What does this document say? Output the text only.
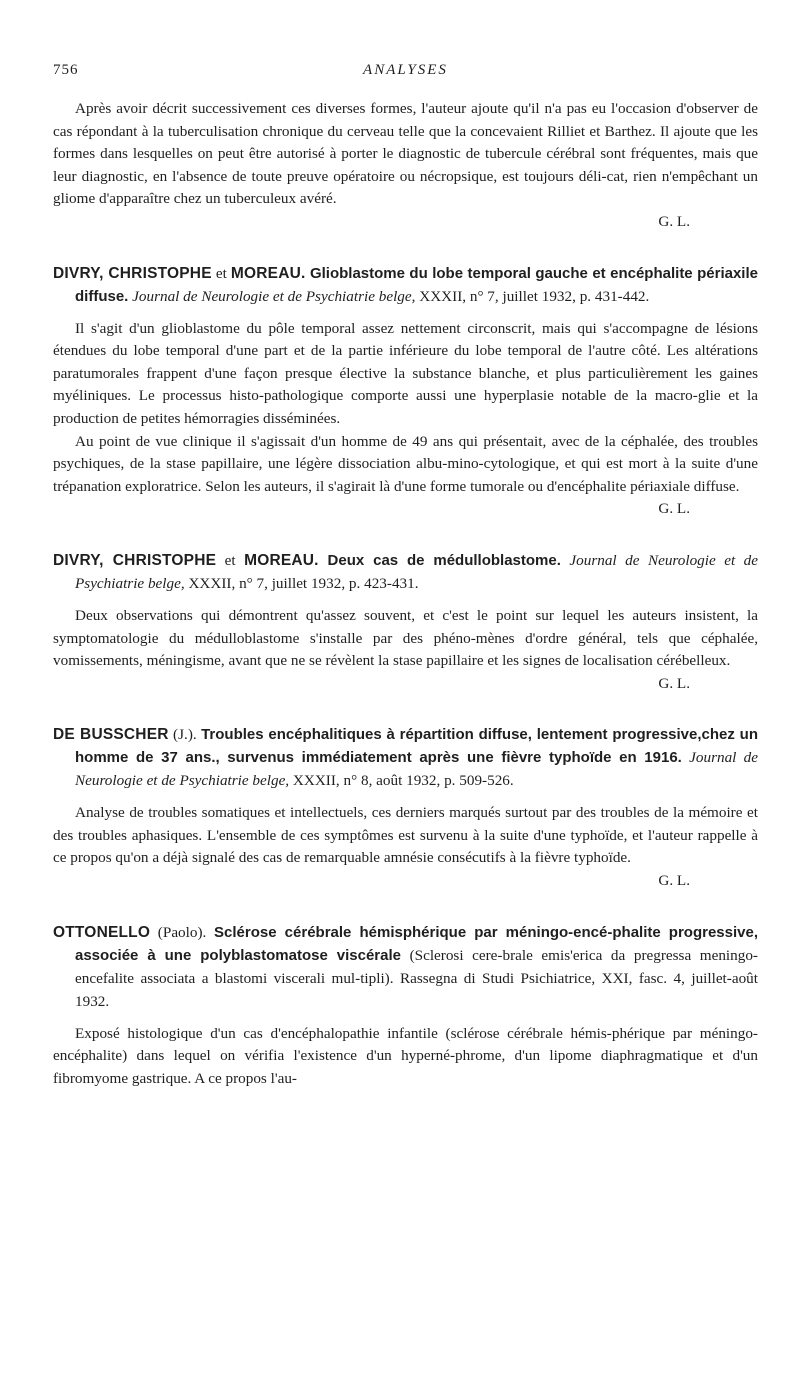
756	ANALYSES

Après avoir décrit successivement ces diverses formes, l'auteur ajoute qu'il n'a pas eu l'occasion d'observer de cas répondant à la tuberculisation chronique du cerveau telle que la concevaient Rilliet et Barthez. Il ajoute que les formes dans lesquelles on peut être autorisé à porter le diagnostic de tubercule cérébral sont fréquentes, mais que leur diagnostic, en l'absence de toute preuve opératoire ou nécropsique, est toujours déli-cat, rien n'empêchant un gliome d'apparaître chez un tuberculeux avéré.

G. L.
DIVRY, CHRISTOPHE et MOREAU. Glioblastome du lobe temporal gauche et encéphalite périaxile diffuse. Journal de Neurologie et de Psychiatrie belge, XXXII, n° 7, juillet 1932, p. 431-442.

Il s'agit d'un glioblastome du pôle temporal assez nettement circonscrit, mais qui s'accompagne de lésions étendues du lobe temporal d'une part et de la partie inférieure du lobe temporal de l'autre côté. Les altérations paratumorales frappent d'une façon presque élective la substance blanche, et plus particulièrement les gaines myéliniques. Le processus histo-pathologique comporte aussi une hyperplasie notable de la macro-glie et la production de petites hémorragies disséminées.

Au point de vue clinique il s'agissait d'un homme de 49 ans qui présentait, avec de la céphalée, des troubles psychiques, de la stase papillaire, une légère dissociation albu-mino-cytologique, et qui est mort à la suite d'une trépanation exploratrice. Selon les auteurs, il s'agirait là d'une forme tumorale ou d'encéphalite périaxiale diffuse.

G. L.
DIVRY, CHRISTOPHE et MOREAU. Deux cas de médulloblastome. Journal de Neurologie et de Psychiatrie belge, XXXII, n° 7, juillet 1932, p. 423-431.

Deux observations qui démontrent qu'assez souvent, et c'est le point sur lequel les auteurs insistent, la symptomatologie du médulloblastome s'installe par des phéno-mènes d'ordre général, tels que céphalée, vomissements, méningisme, avant que ne se révèlent la stase papillaire et les signes de localisation cérébelleux.

G. L.
DE BUSSCHER (J.). Troubles encéphalitiques à répartition diffuse, lentement progressive,chez un homme de 37 ans., survenus immédiatement après une fièvre typhoïde en 1916. Journal de Neurologie et de Psychiatrie belge, XXXII, n° 8, août 1932, p. 509-526.

Analyse de troubles somatiques et intellectuels, ces derniers marqués surtout par des troubles de la mémoire et des troubles aphasiques. L'ensemble de ces symptômes est survenu à la suite d'une typhoïde, et l'auteur rappelle à ce propos qu'on a déjà signalé des cas de remarquable amnésie consécutifs à la fièvre typhoïde.

G. L.
OTTONELLO (Paolo). Sclérose cérébrale hémisphérique par méningo-encé-phalite progressive, associée à une polyblastomatose viscérale (Sclerosi cere-brale emis'erica da pregressa meningo-encefalite associata a blastomi viscerali mul-tipli). Rassegna di Studi Psichiatrice, XXI, fasc. 4, juillet-août 1932.

Exposé histologique d'un cas d'encéphalopathie infantile (sclérose cérébrale hémis-phérique par méningo-encéphalite) dans lequel on vérifia l'existence d'un hyperné-phrome, d'un lipome diaphragmatique et d'un fibromyome gastrique. A ce propos l'au-
